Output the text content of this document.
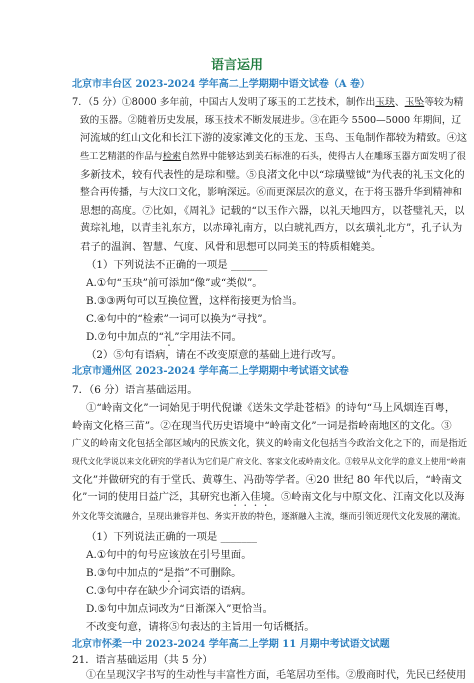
语言运用
北京市丰台区 2023-2024 学年高二上学期期中语文试卷（A 卷）
7．（5 分）①8000 多年前，中国古人发明了琢玉的工艺技术，制作出玉玦、玉坠等较为精
致的玉器。②随着历史发展，琢玉技术不断发展进步。③在距今 5500—5000 年期间，辽
河流域的红山文化和长江下游的凌家滩文化的玉龙、玉鸟、玉龟制作都较为精致。④这
些工艺精湛的作品与检索自然界中能够达到美石标准的石头，使得古人在雕琢玉器方面发明了很
多新技术，较有代表性的是琮和璧。⑤良渚文化中以“琮璜璧钺”为代表的礼玉文化的
整合再传播，与大汶口文化，影响深远。⑥而更深层次的意义，在于将玉器升华到精神和
思想的高度。⑦比如，《周礼》记载的“以玉作六器，以礼天地四方，以苍璧礼天，以
黄琮礼地，以青圭礼东方，以赤璋礼南方，以白琥礼西方，以玄璜礼北方”，孔子认为
君子的温润、智慧、气度、风骨和思想可以同美玉的特质相媲美。
（1）下列说法不正确的一项是 _______
A.①句“玉玦”前可添加“像”或“类似”。
B.③③两句可以互换位置，这样衔接更为恰当。
C.④句中的“检索”一词可以换为“寻找”。
D.⑦句中加点的“礼”字用法不同。
（2）⑤句有语病，请在不改变原意的基础上进行改写。
北京市通州区 2023-2024 学年高二上学期期中考试语文试卷
7．（6 分）语言基础运用。
①“岭南文化”一词始见于明代倪谦《送朱文学赴苍梧》的诗句“马上风烟连百粤，
岭南文化格三苗”。②在现当代历史语境中“岭南文化”一词是指岭南地区的文化。③
广义的岭南文化包括全部区域内的民族文化，狭义的岭南文化包括当今政治文化之下的，而是指近
现代文化学说以来文化研究的学者认为它们是广府文化、客家文化或岭南文化。③较早从文化学的意义上使用“岭南
文化”并做研究的有于堂氏、黄尊生、冯劭等学者。④20 世纪 80 年代以后，“岭南文
化”一词的使用日益广泛，其研究也渐入佳境。⑤岭南文化与中原文化、江南文化以及海
外文化等交流融合，呈现出兼容并包、务实开放的特色，逐渐融入主流，继而引领近现代文化发展的潮流。
（1）下列说法正确的一项是 _______
A.①句中的句号应该放在引号里面。
B.③句中加点的“是指”不可删除。
C.③句中存在缺少介词宾语的语病。
D.⑤句中加点词改为“日渐深入”更恰当。
不改变句意，请将⑤句表达的主旨用一句话概括。
北京市怀柔一中 2023-2024 学年高二上学期 11 月期中考试语文试题
21．语言基础运用（共 5 分）
①在呈现汉字书写的生动性与丰富性方面，毛笔居功至伟。②殷商时代，先民已经使用
